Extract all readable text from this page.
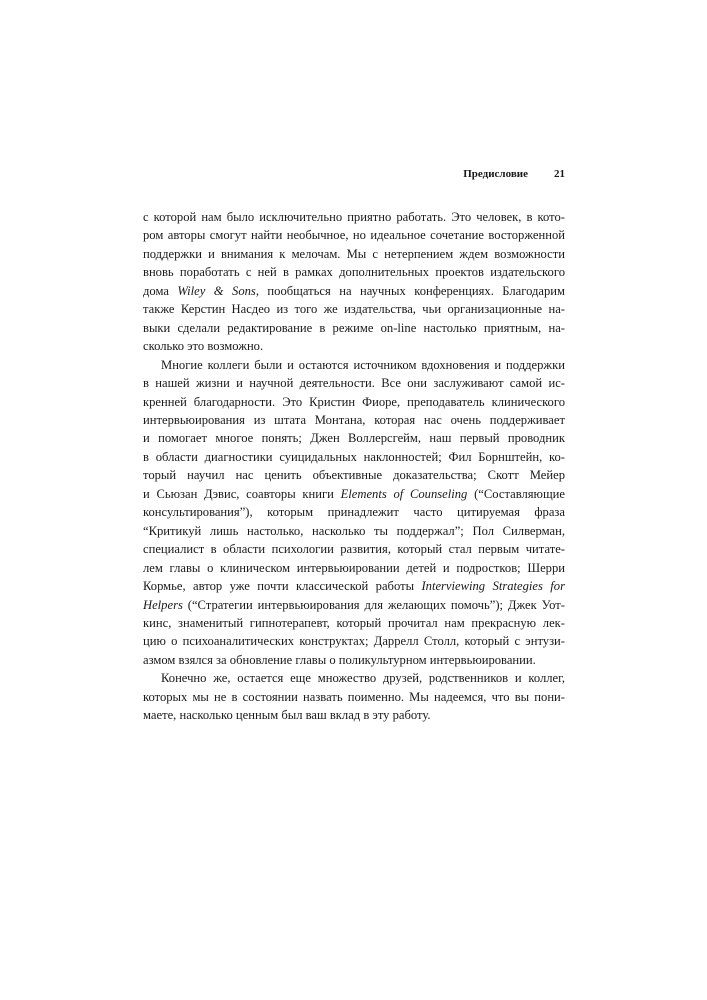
Предисловие 21
с которой нам было исключительно приятно работать. Это человек, в кото-
ром авторы смогут найти необычное, но идеальное сочетание восторженной
поддержки и внимания к мелочам. Мы с нетерпением ждем возможности
вновь поработать с ней в рамках дополнительных проектов издательского
дома Wiley & Sons, пообщаться на научных конференциях. Благодарим
также Керстин Насдео из того же издательства, чьи организационные на-
выки сделали редактирование в режиме on-line настолько приятным, на-
сколько это возможно.
Многие коллеги были и остаются источником вдохновения и поддержки
в нашей жизни и научной деятельности. Все они заслуживают самой ис-
кренней благодарности. Это Кристин Фиоре, преподаватель клинического
интервьюирования из штата Монтана, которая нас очень поддерживает
и помогает многое понять; Джен Воллерсгейм, наш первый проводник
в области диагностики суицидальных наклонностей; Фил Борнштейн, ко-
торый научил нас ценить объективные доказательства; Скотт Мейер
и Сьюзан Дэвис, соавторы книги Elements of Counseling (“Составляющие
консультирования”), которым принадлежит часто цитируемая фраза
“Критикуй лишь настолько, насколько ты поддержал”; Пол Силверман,
специалист в области психологии развития, который стал первым читате-
лем главы о клиническом интервьюировании детей и подростков; Шерри
Кормье, автор уже почти классической работы Interviewing Strategies for
Helpers (“Стратегии интервьюирования для желающих помочь”); Джек Уот-
кинс, знаменитый гипнотерапевт, который прочитал нам прекрасную лек-
цию о психоаналитических конструктах; Даррелл Столл, который с энтузи-
азмом взялся за обновление главы о поликультурном интервьюировании.
Конечно же, остается еще множество друзей, родственников и коллег,
которых мы не в состоянии назвать поименно. Мы надеемся, что вы пони-
маете, насколько ценным был ваш вклад в эту работу.
